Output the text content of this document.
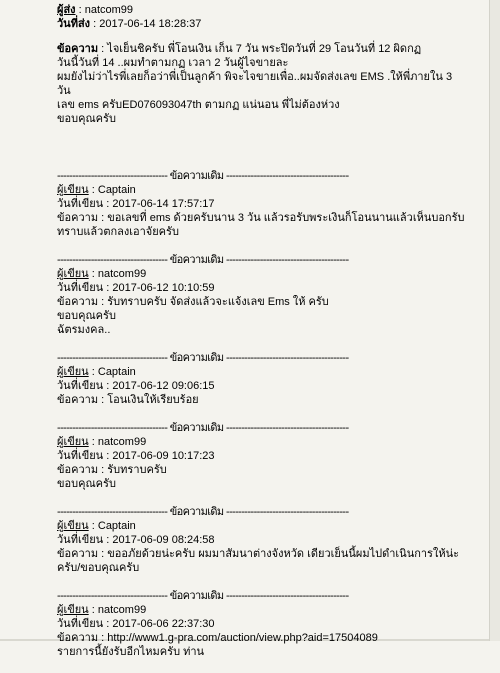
ผู้ส่ง : natcom99
วันที่ส่ง : 2017-06-14 18:28:37
ข้อความ : ไจเย็นชิครับ พี่โอนเงิน เก็น 7 วัน พระปิดวันที่ 29 โอนวันที่ 12 ผิดกฏ
วันนี้วันที่ 14 ..ผมทำตามกฏ เวลา 2 วันผู้ไจขายละ
ผมยังไม่ว่าไรพี่เลยก็อว่าพี่เป็นลูกค้า พิจะไจขายเพื่อ..ผมจัดส่งเลข EMS .ให้พี่ภายใน 3
วัน
เลข ems ครับED076093047th ตามกฏ แน่นอน พี่ไม่ต้องห่วง
ขอบคุณครับ
------------------------------------ ข้อความเดิม ----------------------------------------
ผู้เขียน : Captain
วันที่เขียน : 2017-06-14 17:57:17
ข้อความ : ขอเลขที่ ems ด้วยครับนาน 3 วัน แล้วรอรับพระเงินก็โอนนานแล้วเห็นบอกรับ
ทราบแล้วตกลงเอาจัยครับ
------------------------------------ ข้อความเดิม ----------------------------------------
ผู้เขียน : natcom99
วันที่เขียน : 2017-06-12 10:10:59
ข้อความ : รับทราบครับ จัดส่งแล้วจะแจ้งเลข Ems ให้ ครับ
ขอบคุณครับ
ฉัตรมงคล..
------------------------------------ ข้อความเดิม ----------------------------------------
ผู้เขียน : Captain
วันที่เขียน : 2017-06-12 09:06:15
ข้อความ : โอนเงินให้เรียบร้อย
------------------------------------ ข้อความเดิม ----------------------------------------
ผู้เขียน : natcom99
วันที่เขียน : 2017-06-09 10:17:23
ข้อความ : รับทราบครับ
ขอบคุณครับ
------------------------------------ ข้อความเดิม ----------------------------------------
ผู้เขียน : Captain
วันที่เขียน : 2017-06-09 08:24:58
ข้อความ : ขออภัยด้วยน่ะครับ ผมมาสัมนาต่างจังหวัด เดียวเย็นนี้ผมไปดำเนินการให้น่ะ
ครับ/ขอบคุณครับ
------------------------------------ ข้อความเดิม ----------------------------------------
ผู้เขียน : natcom99
วันที่เขียน : 2017-06-06 22:37:30
ข้อความ : http://www1.g-pra.com/auction/view.php?aid=17504089
รายการนี้ยังรับอีกไหมครับ ท่าน
